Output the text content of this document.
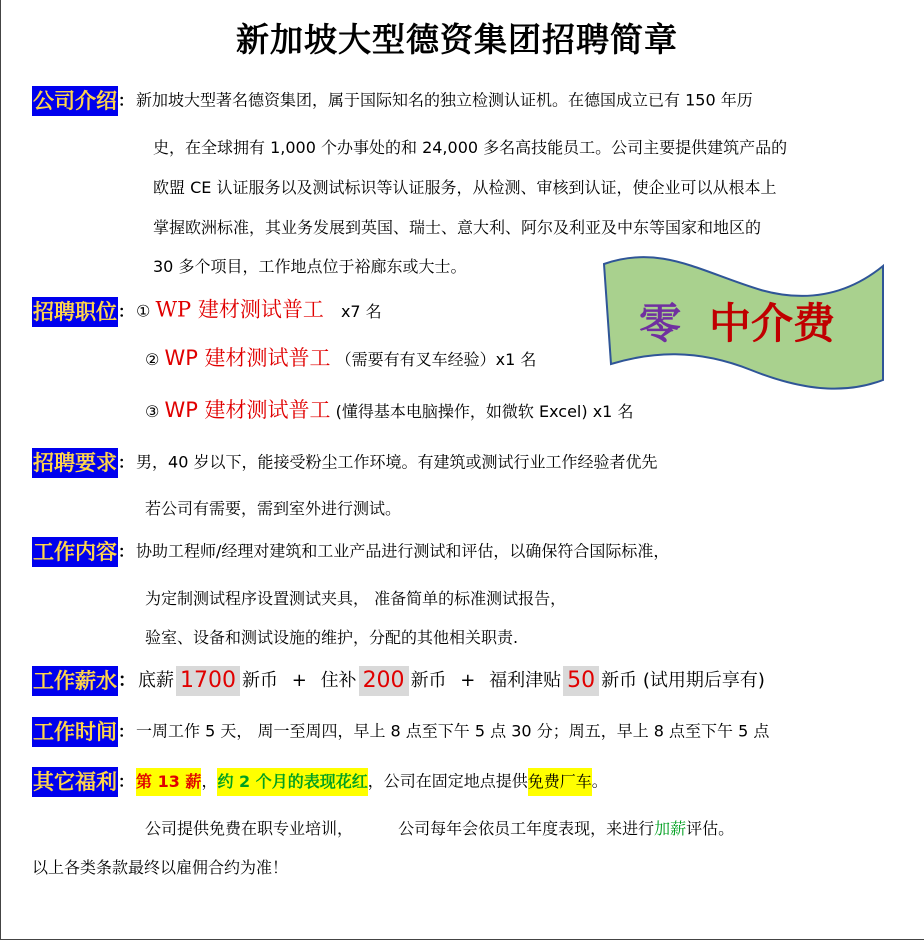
新加坡大型德资集团招聘简章
公司介绍： 新加坡大型著名德资集团，属于国际知名的独立检测认证机。在德国成立已有 150 年历
史，在全球拥有 1,000 个办事处的和 24,000 多名高技能员工。公司主要提供建筑产品的
欧盟 CE 认证服务以及测试标识等认证服务，从检测、审核到认证，使企业可以从根本上
掌握欧洲标准，其业务发展到英国、瑞士、意大利、阿尔及利亚及中东等国家和地区的
30 多个项目，工作地点位于裕廊东或大士。
零 中介费
招聘职位： ① WP 建材测试普工 x7 名
② WP 建材测试普工 （需要有有叉车经验）x1 名
③ WP 建材测试普工 (懂得基本电脑操作，如微软 Excel) x1 名
招聘要求： 男，40 岁以下，能接受粉尘工作环境。有建筑或测试行业工作经验者优先
若公司有需要，需到室外进行测试。
工作内容： 协助工程师/经理对建筑和工业产品进行测试和评估，以确保符合国际标准，
为定制测试程序设置测试夹具， 准备简单的标准测试报告，
验室、设备和测试设施的维护，分配的其他相关职责.
工作薪水： 底薪 1700 新币 + 住补 200 新币 + 福利津贴 50 新币 (试用期后享有)
工作时间： 一周工作 5 天， 周一至周四，早上 8 点至下午 5 点 30 分；周五，早上 8 点至下午 5 点
其它福利： 第 13 薪，约 2 个月的表现花红，公司在固定地点提供免费厂车。
公司提供免费在职专业培训，	公司每年会依员工年度表现，来进行加薪评估。
以上各类条款最终以雇佣合约为准！
